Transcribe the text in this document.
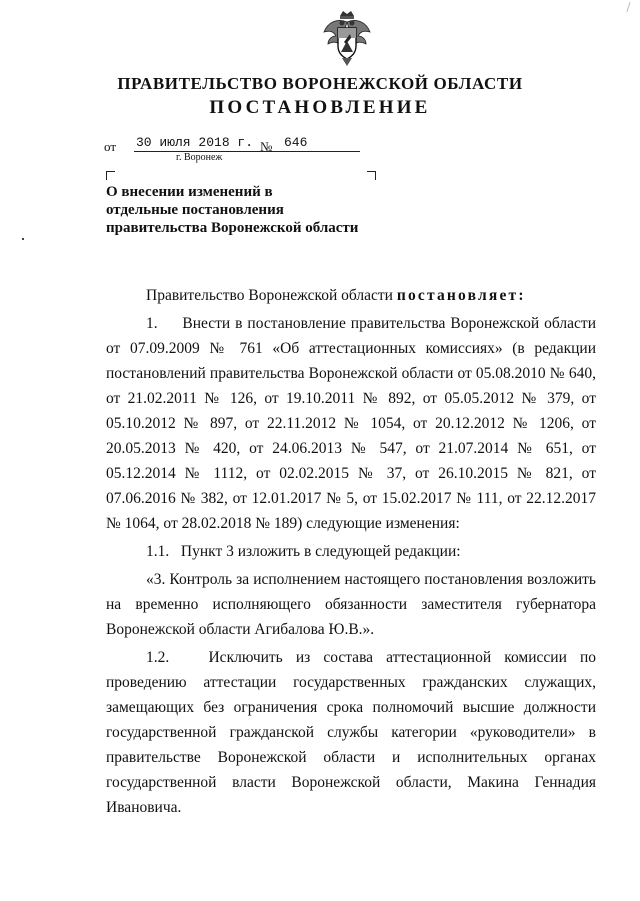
ПРАВИТЕЛЬСТВО ВОРОНЕЖСКОЙ ОБЛАСТИ
ПОСТАНОВЛЕНИЕ
от 30 июля 2018 г. № 646
г. Воронеж
О внесении изменений в
отдельные постановления
правительства Воронежской области

Правительство Воронежской области постановляет:

1.     Внести в постановление правительства Воронежской области от 07.09.2009 № 761 «Об аттестационных комиссиях» (в редакции постановлений правительства Воронежской области от 05.08.2010 № 640, от 21.02.2011 № 126, от 19.10.2011 № 892, от 05.05.2012 № 379, от 05.10.2012 № 897, от 22.11.2012 № 1054, от 20.12.2012 № 1206, от 20.05.2013 № 420, от 24.06.2013 № 547, от 21.07.2014 № 651, от 05.12.2014 № 1112, от 02.02.2015 № 37, от 26.10.2015 № 821, от 07.06.2016 № 382, от 12.01.2017 № 5, от 15.02.2017 № 111, от 22.12.2017 № 1064, от 28.02.2018 № 189) следующие изменения:

1.1.   Пункт 3 изложить в следующей редакции:

«3. Контроль за исполнением настоящего постановления возложить на временно исполняющего обязанности заместителя губернатора Воронежской области Агибалова Ю.В.».

1.2.   Исключить из состава аттестационной комиссии по проведению аттестации государственных гражданских служащих, замещающих без ограничения срока полномочий высшие должности государственной гражданской службы категории «руководители» в правительстве Воронежской области и исполнительных органах государственной власти Воронежской области, Макина Геннадия Ивановича.
